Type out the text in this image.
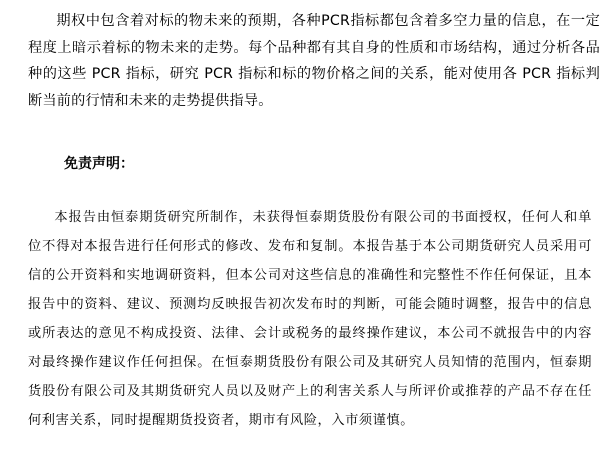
期权中包含着对标的物未来的预期，各种PCR指标都包含着多空力量的信息，在一定程度上暗示着标的物未来的走势。每个品种都有其自身的性质和市场结构，通过分析各品种的这些 PCR 指标，研究 PCR 指标和标的物价格之间的关系，能对使用各 PCR 指标判断当前的行情和未来的走势提供指导。

免责声明：

本报告由恒泰期货研究所制作，未获得恒泰期货股份有限公司的书面授权，任何人和单位不得对本报告进行任何形式的修改、发布和复制。本报告基于本公司期货研究人员采用可信的公开资料和实地调研资料，但本公司对这些信息的准确性和完整性不作任何保证，且本报告中的资料、建议、预测均反映报告初次发布时的判断，可能会随时调整，报告中的信息或所表达的意见不构成投资、法律、会计或税务的最终操作建议，本公司不就报告中的内容对最终操作建议作任何担保。在恒泰期货股份有限公司及其研究人员知情的范围内，恒泰期货股份有限公司及其期货研究人员以及财产上的利害关系人与所评价或推荐的产品不存在任何利害关系，同时提醒期货投资者，期市有风险，入市须谨慎。
